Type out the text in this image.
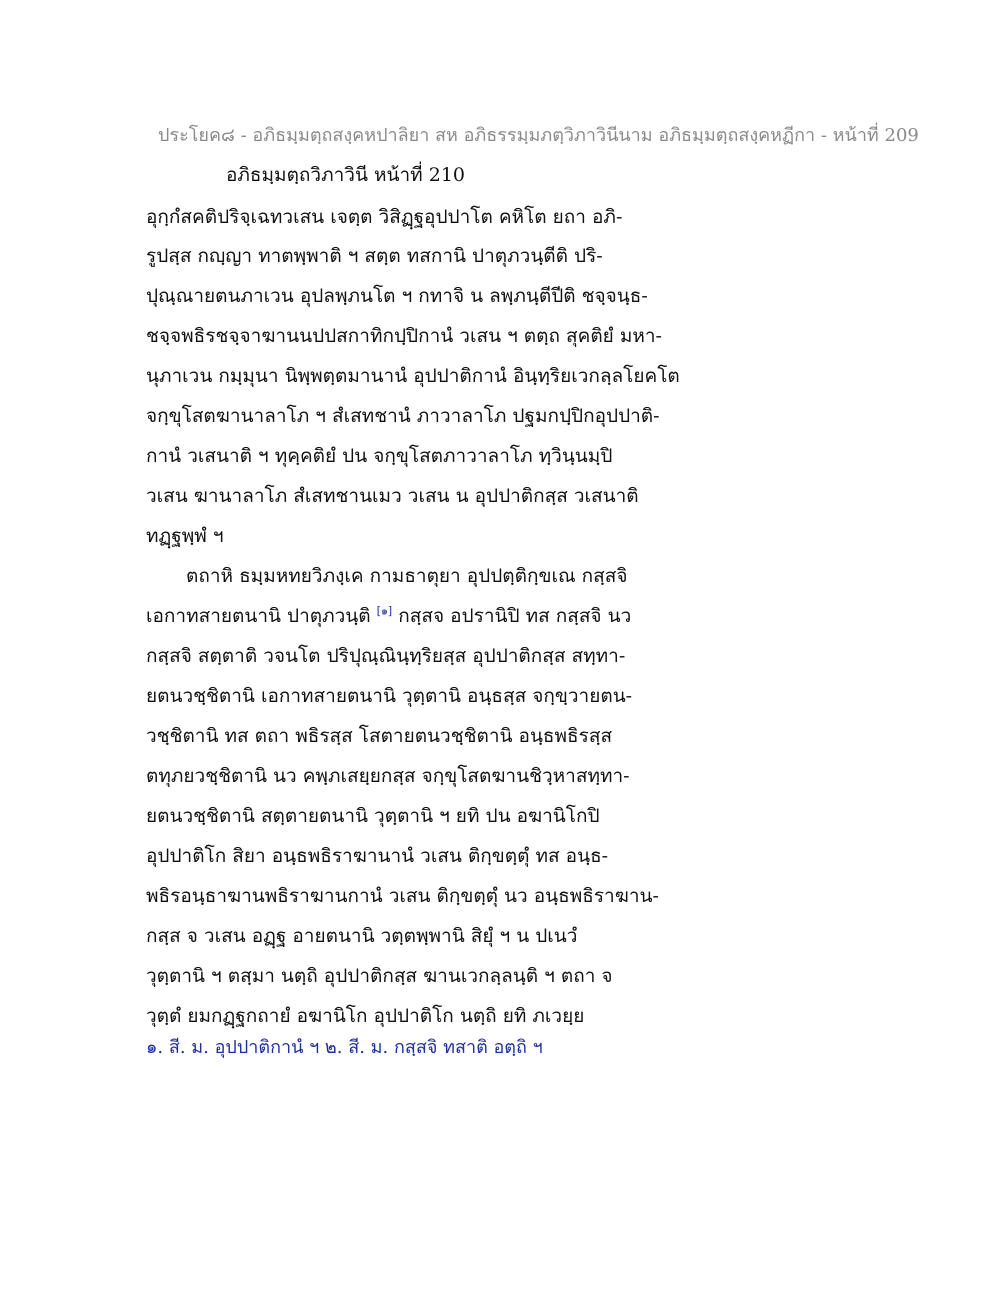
ประโยค๘ - อภิธมฺมตฺถสงฺคหปาลิยา สห อภิธรรมฺมภตฺวิภาวินีนาม อภิธมฺมตฺถสงฺคหฏีกา - หน้าที่ 209
อภิธมฺมตฺถวิภาวินี หน้าที่ 210
อุกฺกํสคติปริจฺเฉทวเสน เจตฺต วิสิฏฺฐอุปปาโต คหิโต ยถา อภิ-
รูปสฺส กญฺญา ทาตพฺพาติ ฯ สตฺต ทสกานิ ปาตุภวนฺตีติ ปริ-
ปุณฺณายตนภาเวน อุปลพฺภนโต ฯ กทาจิ น ลพฺภนฺตีปีติ ชจฺจนฺธ-
ชจฺจพธิรชจฺจาฆานนปปสกาทิกปฺปิกานํ วเสน ฯ ตตฺถ สุคติยํ มหา-
นุภาเวน กมฺมุนา นิพฺพตฺตมานานํ อุปปาติกานํ อินฺทฺริยเวกลฺลโยคโต
จกฺขุโสตฆานาลาโภ ฯ สํเสทชานํ ภาวาลาโภ ปฐมกปฺปิกอุปปาติ-
กานํ วเสนาติ ฯ ทุคฺคติยํ ปน จกฺขุโสตภาวาลาโภ ทฺวินฺนมฺปิ
วเสน ฆานาลาโภ สํเสทชานเมว วเสน น อุปปาติกสฺส วเสนาติ
ทฏฺฐพฺพํ ฯ
ตถาหิ ธมฺมหทยวิภงฺเค กามธาตุยา อุปปตฺติกฺขเณ กสฺสจิ
เอกาทสายตนานิ ปาตุภวนฺติ [๑] กสฺสจ อปรานิปิ ทส กสฺสจิ นว
กสฺสจิ สตฺตาติ วจนโต ปริปุณฺณินฺทฺริยสฺส อุปปาติกสฺส สทฺทา-
ยตนวชฺชิตานิ เอกาทสายตนานิ วุตฺตานิ อนฺธสฺส จกฺขฺวายตน-
วชฺชิตานิ ทส ตถา พธิรสฺส โสตายตนวชฺชิตานิ อนฺธพธิรสฺส
ตทุภยวชฺชิตานิ นว คพฺภเสยฺยกสฺส จกฺขุโสตฆานชิวฺหาสทฺทา-
ยตนวชฺชิตานิ สตฺตายตนานิ วุตฺตานิ ฯ ยทิ ปน อฆานิโกปิ
อุปปาติโก สิยา อนฺธพธิราฆานานํ วเสน ติกฺขตฺตุํ ทส อนฺธ-
พธิรอนฺธาฆานพธิราฆานกานํ วเสน ติกฺขตฺตุํ นว อนฺธพธิราฆาน-
กสฺส จ วเสน อฏฺฐ อายตนานิ วตฺตพฺพานิ สิยุํ ฯ น ปเนวํ
วุตฺตานิ ฯ ตสฺมา นตฺถิ อุปปาติกสฺส ฆานเวกลฺลนฺติ ฯ ตถา จ
วุตฺตํ ยมกฏฺฐกถายํ อฆานิโก อุปปาติโก นตฺถิ ยทิ ภเวยฺย
๑. สี. ม. อุปปาติกานํ ฯ ๒. สี. ม. กสฺสจิ ทสาติ อตฺถิ ฯ
